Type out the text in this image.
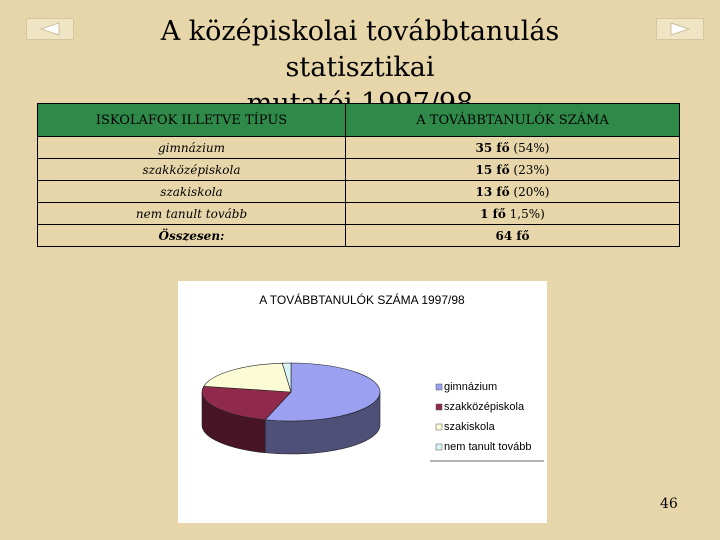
A középiskolai továbbtanulás statisztikai
ISKOLAFOK ILLETVE TÍPUS	A TOVÁBBTANULÓK SZÁMA
gimnázium	35 fő (54%)
szakközépiskola	15 fő (23%)
szakiskola	13 fő (20%)
nem tanult tovább	1 fő 1,5%)
Összesen:	64 fő
A TOVÁBBTANULÓK SZÁMA 1997/98
gimnázium
szakközépiskola
szakiskola
nem tanult tovább
46
